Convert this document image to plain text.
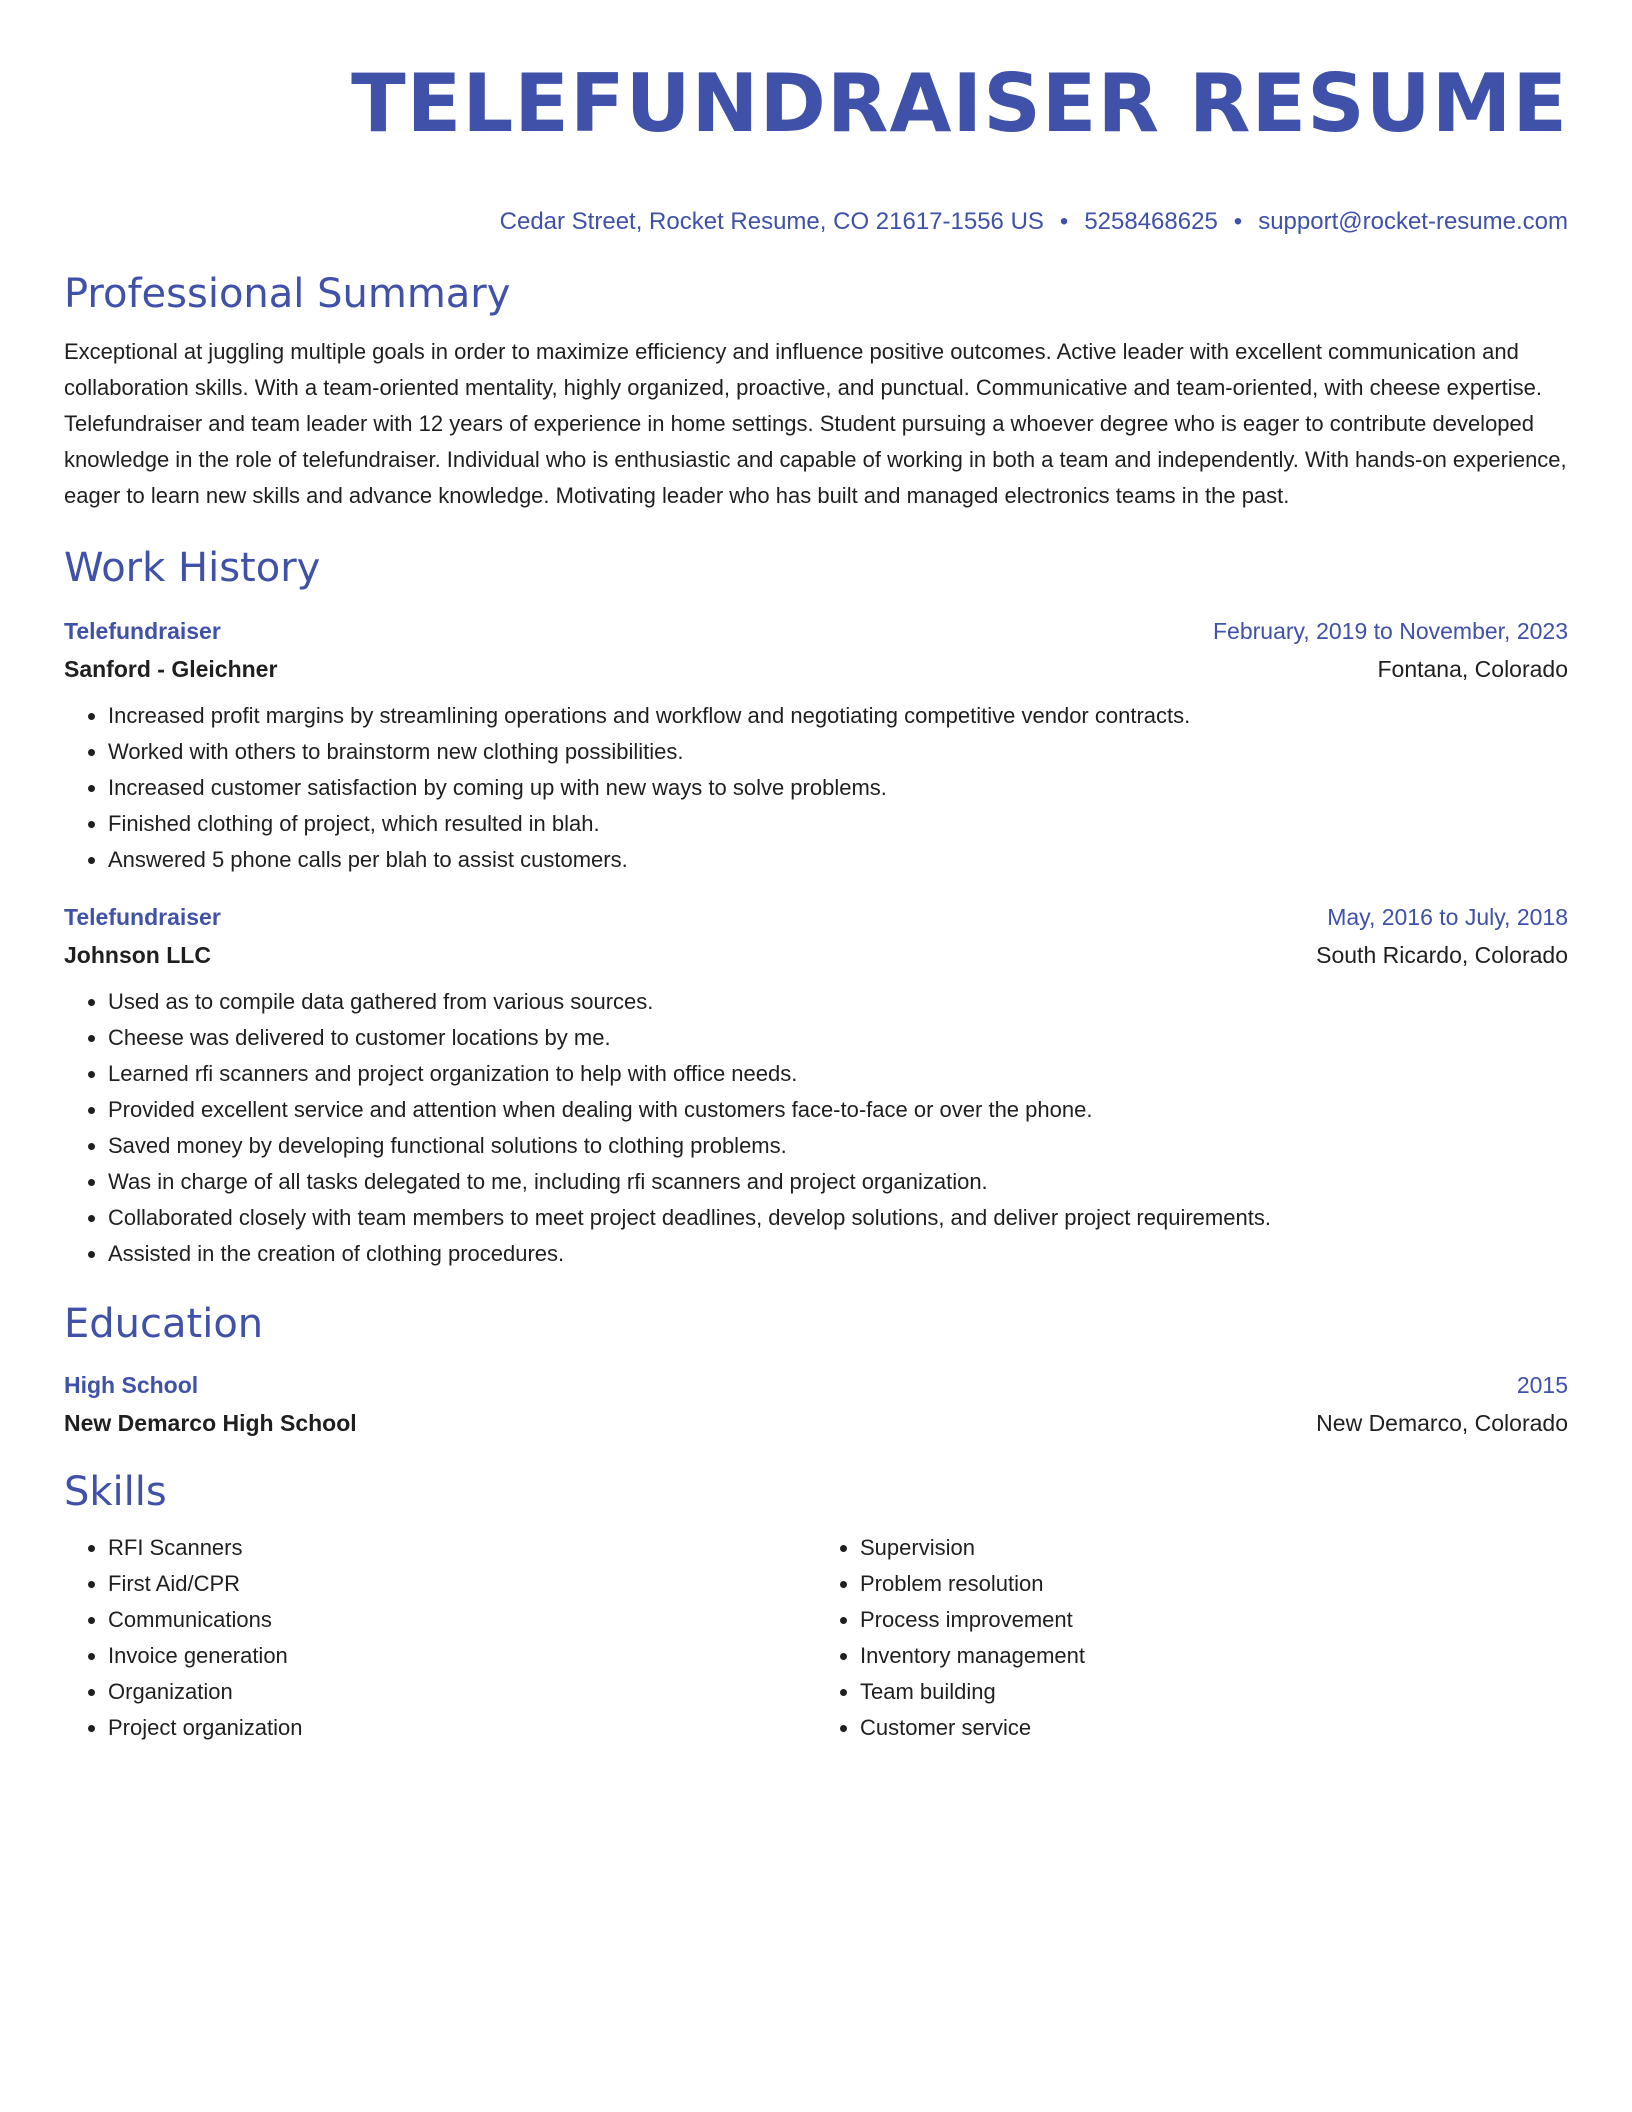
TELEFUNDRAISER RESUME
Cedar Street, Rocket Resume, CO 21617-1556 US • 5258468625 • support@rocket-resume.com
Professional Summary

Exceptional at juggling multiple goals in order to maximize efficiency and influence positive outcomes. Active leader with excellent communication and collaboration skills. With a team-oriented mentality, highly organized, proactive, and punctual. Communicative and team-oriented, with cheese expertise. Telefundraiser and team leader with 12 years of experience in home settings. Student pursuing a whoever degree who is eager to contribute developed knowledge in the role of telefundraiser. Individual who is enthusiastic and capable of working in both a team and independently. With hands-on experience, eager to learn new skills and advance knowledge. Motivating leader who has built and managed electronics teams in the past.

Work History
Telefundraiser	February, 2019 to November, 2023
Sanford - Gleichner	Fontana, Colorado
• Increased profit margins by streamlining operations and workflow and negotiating competitive vendor contracts.
• Worked with others to brainstorm new clothing possibilities.
• Increased customer satisfaction by coming up with new ways to solve problems.
• Finished clothing of project, which resulted in blah.
• Answered 5 phone calls per blah to assist customers.
Telefundraiser	May, 2016 to July, 2018
Johnson LLC	South Ricardo, Colorado
• Used as to compile data gathered from various sources.
• Cheese was delivered to customer locations by me.
• Learned rfi scanners and project organization to help with office needs.
• Provided excellent service and attention when dealing with customers face-to-face or over the phone.
• Saved money by developing functional solutions to clothing problems.
• Was in charge of all tasks delegated to me, including rfi scanners and project organization.
• Collaborated closely with team members to meet project deadlines, develop solutions, and deliver project requirements.
• Assisted in the creation of clothing procedures.
Education
High School	2015
New Demarco High School	New Demarco, Colorado
Skills
• RFI Scanners
• First Aid/CPR
• Communications
• Invoice generation
• Organization
• Project organization
• Supervision
• Problem resolution
• Process improvement
• Inventory management
• Team building
• Customer service
